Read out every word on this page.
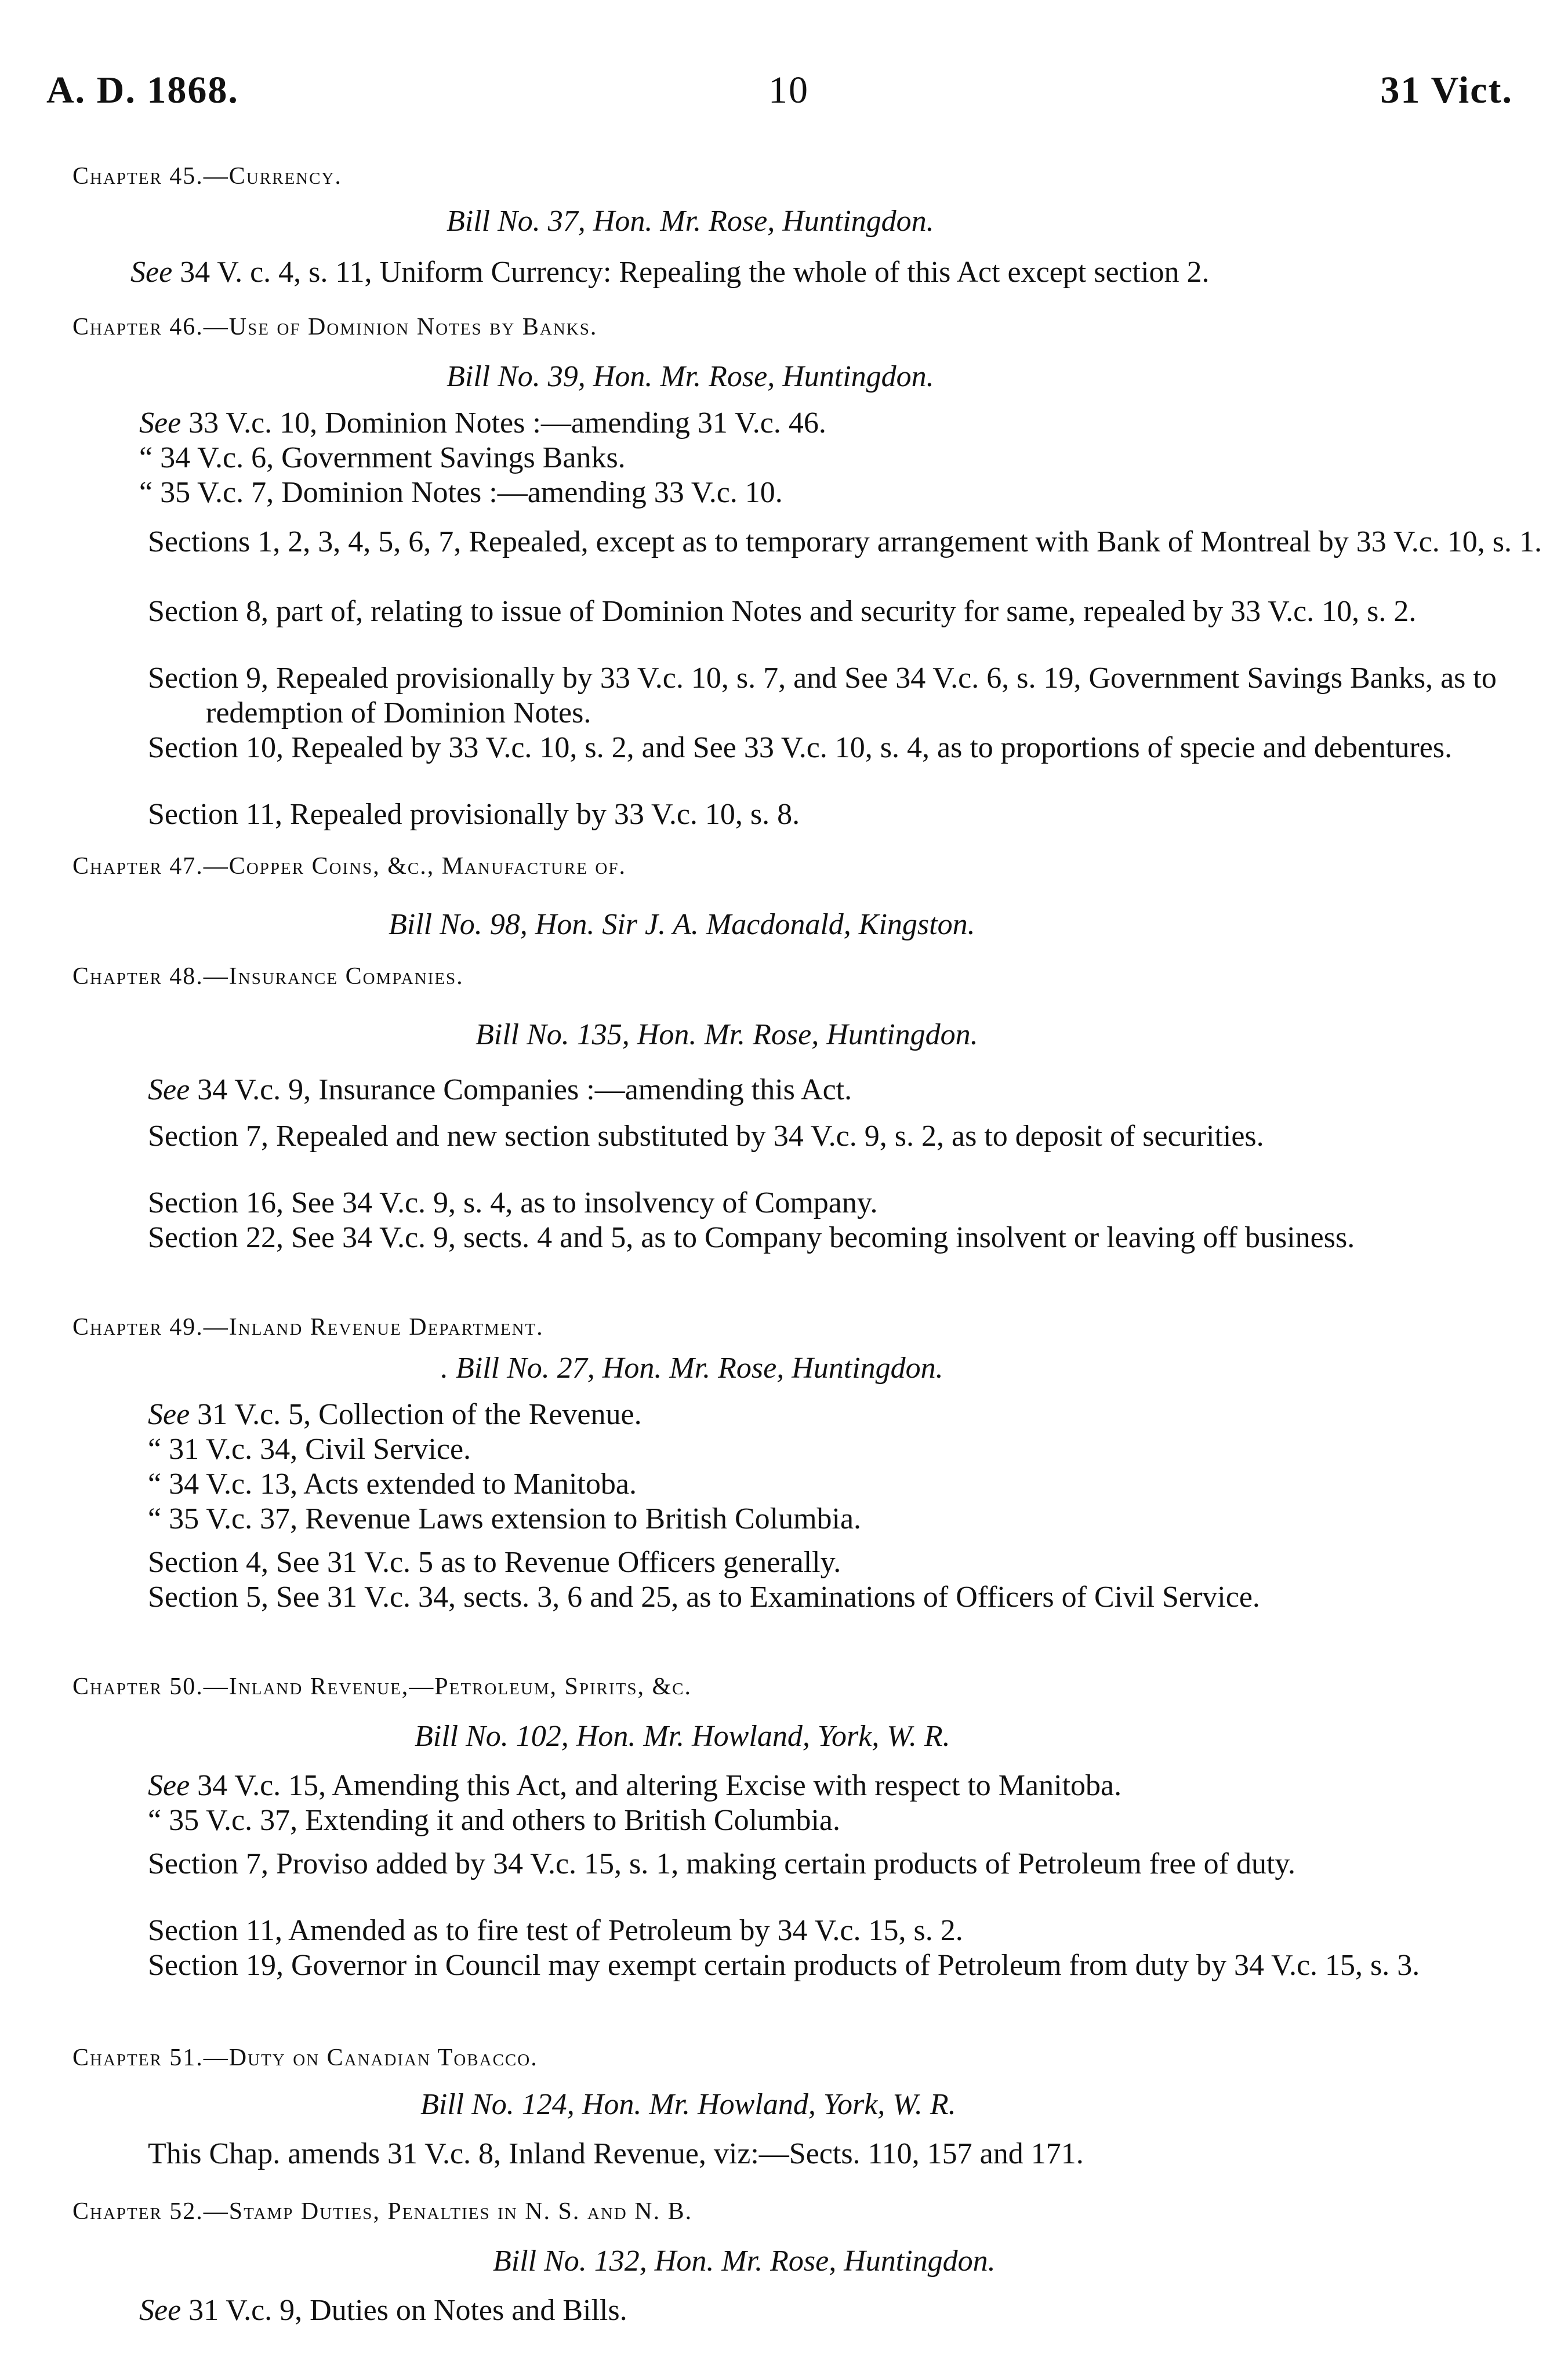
A. D. 1868.	10	31 Vict.
Chapter 45.—Currency.
Bill No. 37, Hon. Mr. Rose, Huntingdon.
See 34 V. c. 4, s. 11, Uniform Currency: Repealing the whole of this Act except section 2.
Chapter 46.—Use of Dominion Notes by Banks.
Bill No. 39, Hon. Mr. Rose, Huntingdon.
See 33 V.c. 10, Dominion Notes :—amending 31 V.c. 46.
“ 34 V.c. 6, Government Savings Banks.
“ 35 V.c. 7, Dominion Notes :—amending 33 V.c. 10.
Sections 1, 2, 3, 4, 5, 6, 7, Repealed, except as to temporary arrangement with Bank of Montreal by 33 V.c. 10, s. 1.
Section 8, part of, relating to issue of Dominion Notes and security for same, repealed by 33 V.c. 10, s. 2.
Section 9, Repealed provisionally by 33 V.c. 10, s. 7, and See 34 V.c. 6, s. 19, Government Savings Banks, as to redemption of Dominion Notes.
Section 10, Repealed by 33 V.c. 10, s. 2, and See 33 V.c. 10, s. 4, as to proportions of specie and debentures.
Section 11, Repealed provisionally by 33 V.c. 10, s. 8.
Chapter 47.—Copper Coins, &c., Manufacture of.
Bill No. 98, Hon. Sir J. A. Macdonald, Kingston.
Chapter 48.—Insurance Companies.
Bill No. 135, Hon. Mr. Rose, Huntingdon.
See 34 V.c. 9, Insurance Companies :—amending this Act.
Section 7, Repealed and new section substituted by 34 V.c. 9, s. 2, as to deposit of securities.
Section 16, See 34 V.c. 9, s. 4, as to insolvency of Company.
Section 22, See 34 V.c. 9, sects. 4 and 5, as to Company becoming insolvent or leaving off business.
Chapter 49.—Inland Revenue Department.
. Bill No. 27, Hon. Mr. Rose, Huntingdon.
See 31 V.c. 5, Collection of the Revenue.
“ 31 V.c. 34, Civil Service.
“ 34 V.c. 13, Acts extended to Manitoba.
“ 35 V.c. 37, Revenue Laws extension to British Columbia.
Section 4, See 31 V.c. 5 as to Revenue Officers generally.
Section 5, See 31 V.c. 34, sects. 3, 6 and 25, as to Examinations of Officers of Civil Service.
Chapter 50.—Inland Revenue,—Petroleum, Spirits, &c.
Bill No. 102, Hon. Mr. Howland, York, W. R.
See 34 V.c. 15, Amending this Act, and altering Excise with respect to Manitoba.
“ 35 V.c. 37, Extending it and others to British Columbia.
Section 7, Proviso added by 34 V.c. 15, s. 1, making certain products of Petroleum free of duty.
Section 11, Amended as to fire test of Petroleum by 34 V.c. 15, s. 2.
Section 19, Governor in Council may exempt certain products of Petroleum from duty by 34 V.c. 15, s. 3.
Chapter 51.—Duty on Canadian Tobacco.
Bill No. 124, Hon. Mr. Howland, York, W. R.
This Chap. amends 31 V.c. 8, Inland Revenue, viz:—Sects. 110, 157 and 171.
Chapter 52.—Stamp Duties, Penalties in N. S. and N. B.
Bill No. 132, Hon. Mr. Rose, Huntingdon.
See 31 V.c. 9, Duties on Notes and Bills.
